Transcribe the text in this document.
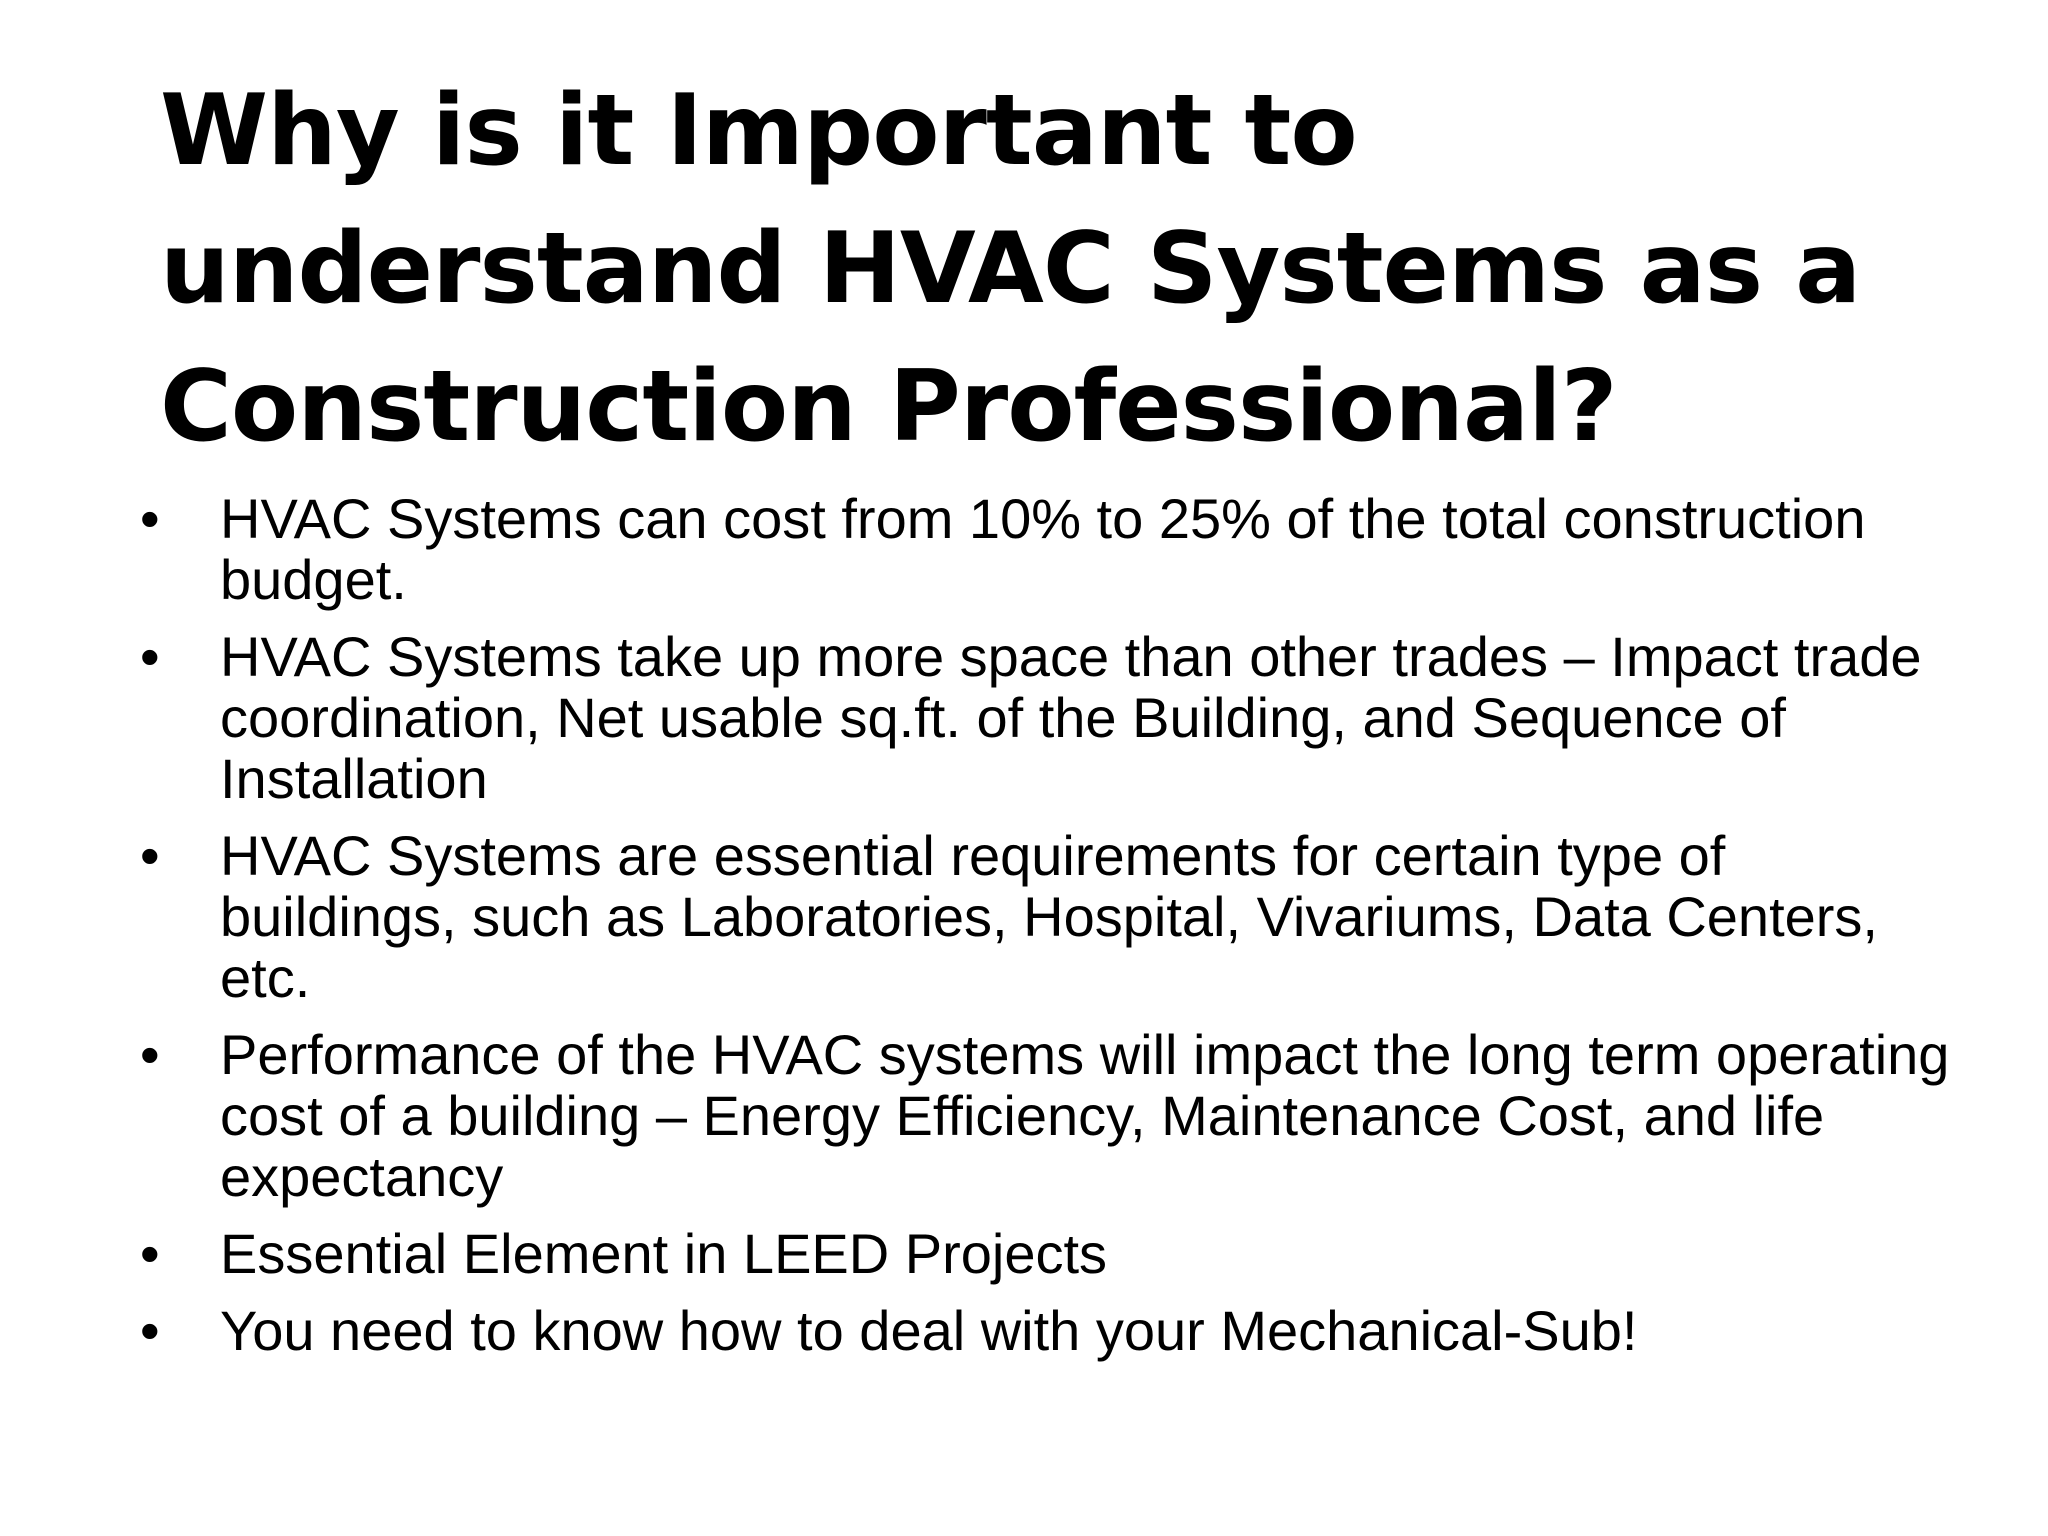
Why is it Important to understand HVAC Systems as a Construction Professional?
•	HVAC Systems can cost from 10% to 25% of the total construction budget.
•	HVAC Systems take up more space than other trades – Impact trade coordination, Net usable sq.ft. of the Building, and Sequence of Installation
•	HVAC Systems are essential requirements for certain type of buildings, such as Laboratories, Hospital, Vivariums, Data Centers, etc.
•	Performance of the HVAC systems will impact the long term operating cost of a building – Energy Efficiency, Maintenance Cost, and life expectancy
•	Essential Element in LEED Projects
•	You need to know how to deal with your Mechanical-Sub!
